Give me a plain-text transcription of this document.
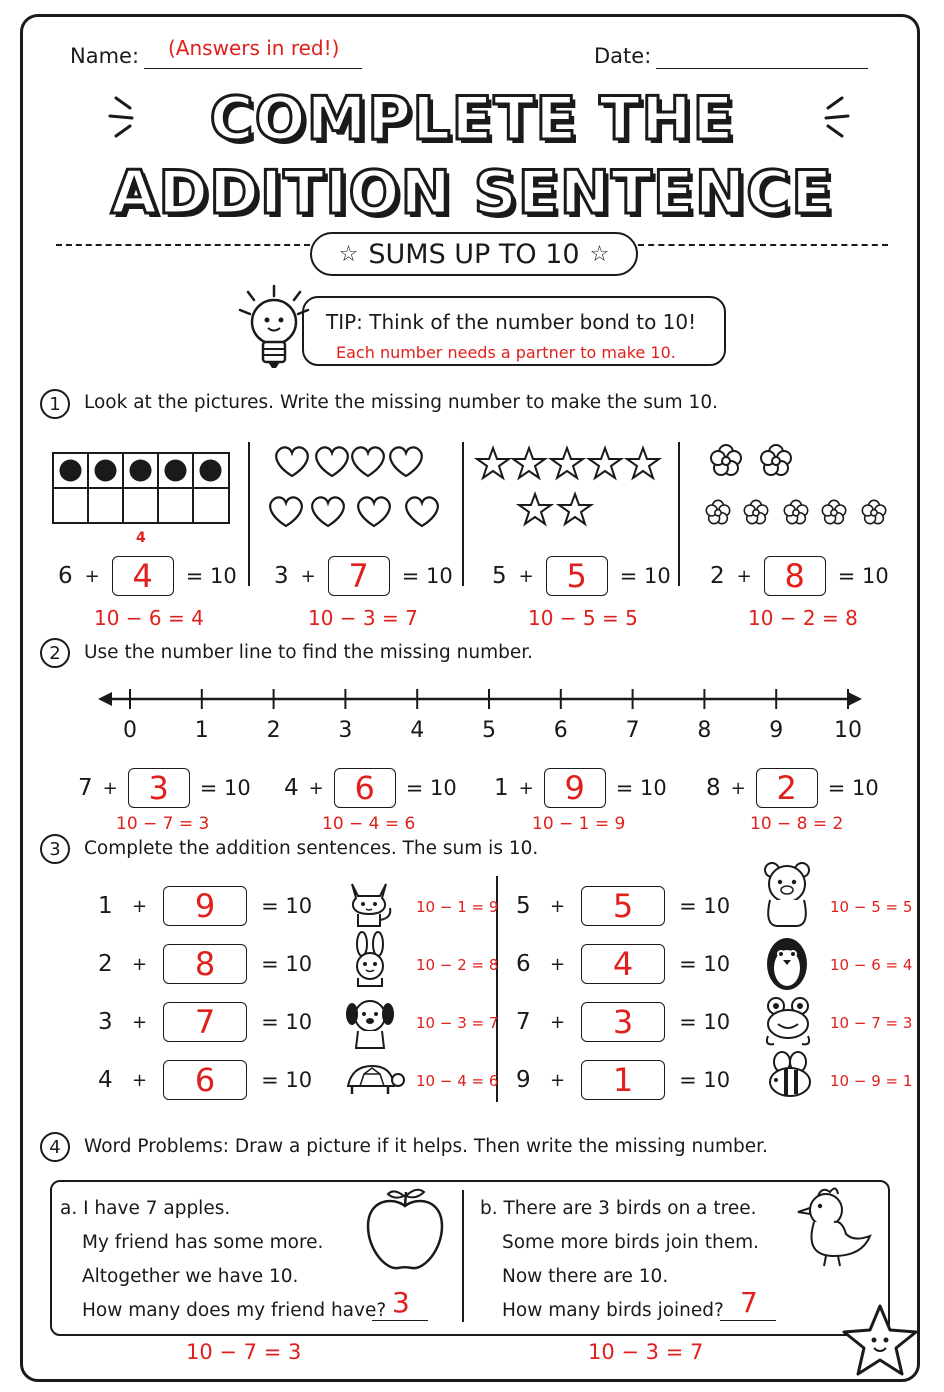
Name: (Answers in red!)	Date:
COMPLETE THE
ADDITION SENTENCE
☆ SUMS UP TO 10 ☆
TIP: Think of the number bond to 10!
Each number needs a partner to make 10.
1	Look at the pictures. Write the missing number to make the sum 10.
4
6 +	4	= 10 3 +	7	= 10 5 +	5	= 10 2 +	8	= 10
10 − 6 = 4	10 − 3 = 7	10 − 5 = 5	10 − 2 = 8
2	Use the number line to find the missing number.
0	1	2	3	4	5	6	7	8	9	10
7 + 3	= 10 4 + 6	= 10 1 + 9	= 10 8 + 2	= 10
10 − 7 = 3	10 − 4 = 6	10 − 1 = 9	10 − 8 = 2
3	Complete the addition sentences. The sum is 10.
1 +	9	= 10	10 − 1 = 9
2 +	8	= 10	10 − 2 = 8
3 +	7	= 10	10 − 3 = 7
4 +	6	= 10	10 − 4 = 6
5 +	5	= 10	10 − 5 = 5
6 +	4	= 10	10 − 6 = 4
7 +	3	= 10	10 − 7 = 3
9 +	1	= 10	10 − 9 = 1
4	Word Problems: Draw a picture if it helps. Then write the missing number.
a. I have 7 apples.
My friend has some more.
Altogether we have 10.
How many does my friend have? 3
b. There are 3 birds on a tree.
Some more birds join them.
Now there are 10.
How many birds joined? 7
10 − 7 = 3	10 − 3 = 7
